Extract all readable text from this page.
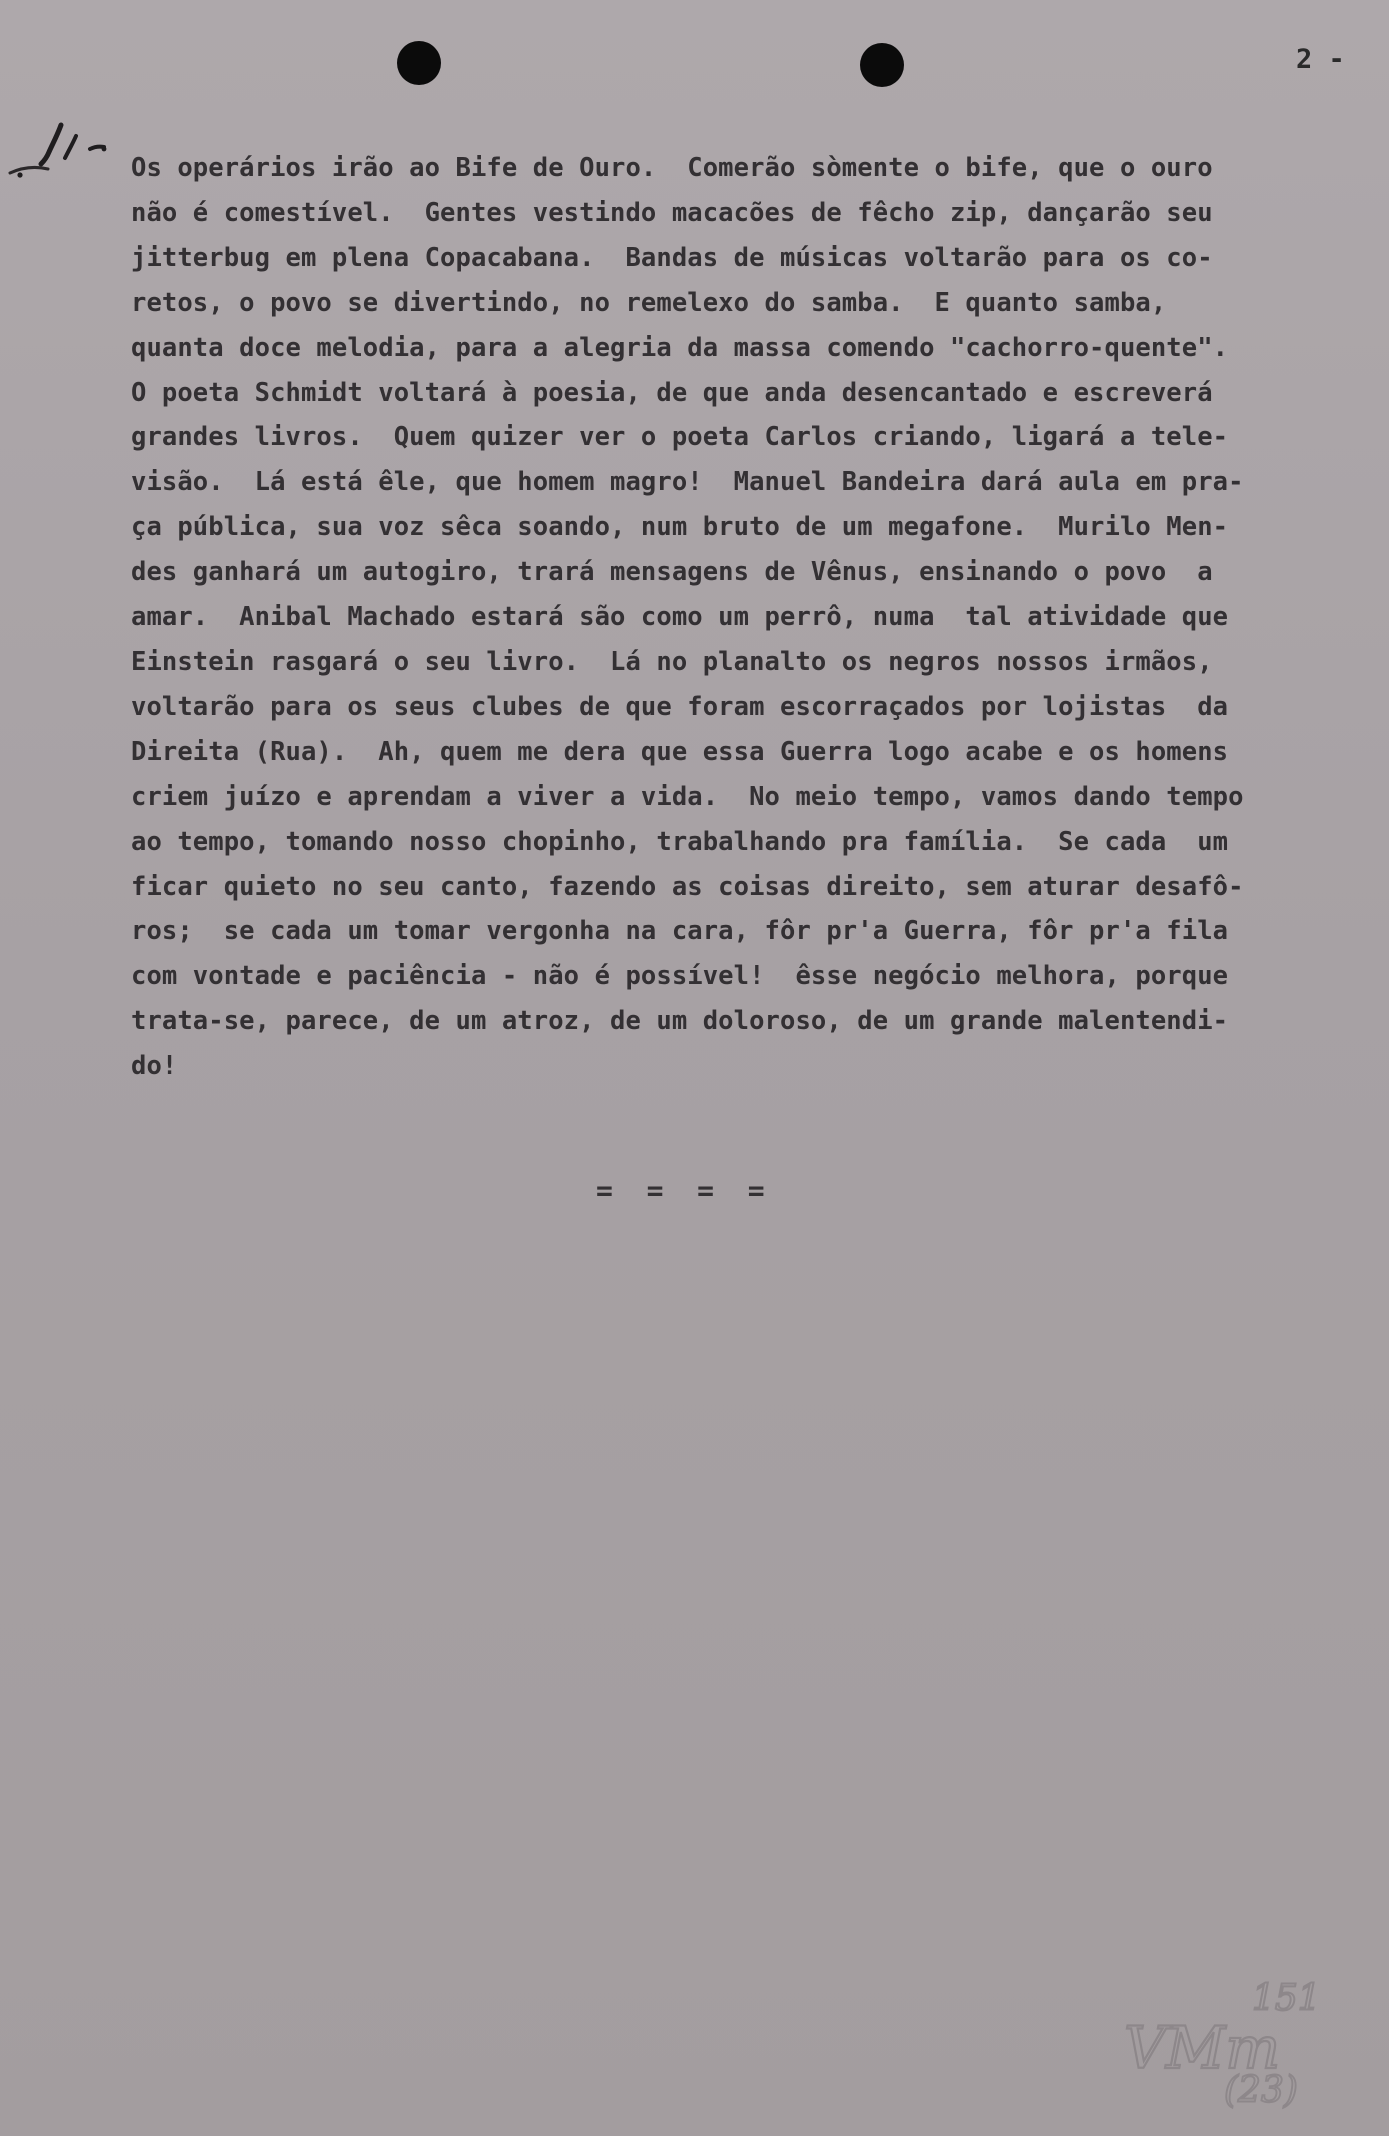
2 -
Os operários irão ao Bife de Ouro.  Comerão sòmente o bife, que o ouro
não é comestível.  Gentes vestindo macacões de fêcho zip, dançarão seu
jitterbug em plena Copacabana.  Bandas de músicas voltarão para os co-
retos, o povo se divertindo, no remelexo do samba.  E quanto samba,
quanta doce melodia, para a alegria da massa comendo "cachorro-quente".
O poeta Schmidt voltará à poesia, de que anda desencantado e escreverá
grandes livros.  Quem quizer ver o poeta Carlos criando, ligará a tele-
visão.  Lá está êle, que homem magro!  Manuel Bandeira dará aula em pra-
ça pública, sua voz sêca soando, num bruto de um megafone.  Murilo Men-
des ganhará um autogiro, trará mensagens de Vênus, ensinando o povo  a
amar.  Anibal Machado estará são como um perrô, numa  tal atividade que
Einstein rasgará o seu livro.  Lá no planalto os negros nossos irmãos,
voltarão para os seus clubes de que foram escorraçados por lojistas  da
Direita (Rua).  Ah, quem me dera que essa Guerra logo acabe e os homens
criem juízo e aprendam a viver a vida.  No meio tempo, vamos dando tempo
ao tempo, tomando nosso chopinho, trabalhando pra família.  Se cada  um
ficar quieto no seu canto, fazendo as coisas direito, sem aturar desafô-
ros;  se cada um tomar vergonha na cara, fôr pr'a Guerra, fôr pr'a fila
com vontade e paciência - não é possível!  êsse negócio melhora, porque
trata-se, parece, de um atroz, de um doloroso, de um grande malentendi-
do!
=  =  =  =
VMm
151
(23)
